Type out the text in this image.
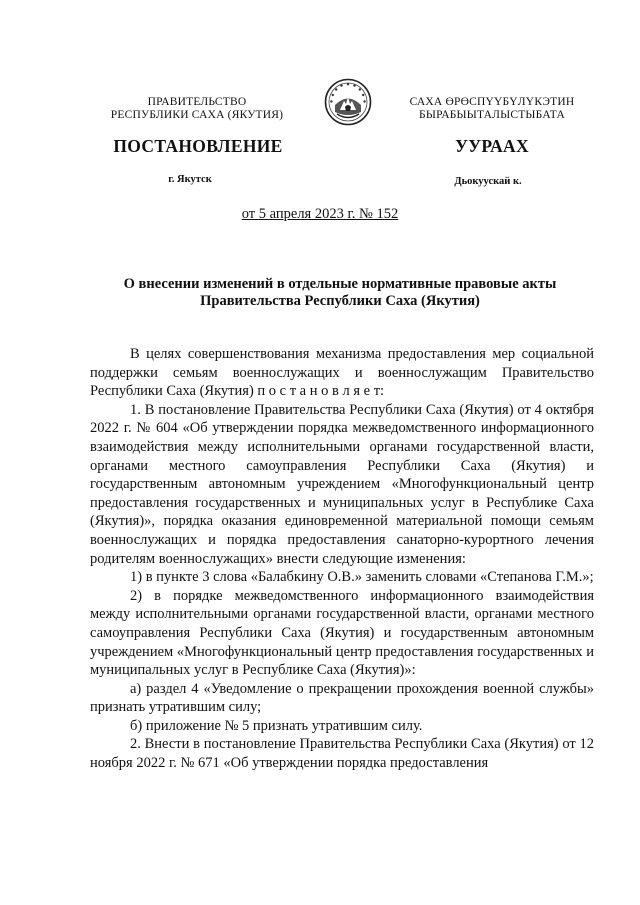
ПРАВИТЕЛЬСТВО
РЕСПУБЛИКИ САХА (ЯКУТИЯ)
САХА ӨРӨСПҮҮБҮЛҮКЭТИН
БЫРАБЫЫТАЛЫСТЫБАТА
ПОСТАНОВЛЕНИЕ	УУРААХ
г. Якутск	Дьокуускай к.
от 5 апреля 2023 г. № 152
О внесении изменений в отдельные нормативные правовые акты
Правительства Республики Саха (Якутия)

В целях совершенствования механизма предоставления мер социальной поддержки семьям военнослужащих и военнослужащим Правительство Республики Саха (Якутия) п о с т а н о в л я е т:

1. В постановление Правительства Республики Саха (Якутия) от 4 октября 2022 г. № 604 «Об утверждении порядка межведомственного информационного взаимодействия между исполнительными органами государственной власти, органами местного самоуправления Республики Саха (Якутия) и государственным автономным учреждением «Многофункциональный центр предоставления государственных и муниципальных услуг в Республике Саха (Якутия)», порядка оказания единовременной материальной помощи семьям военнослужащих и порядка предоставления санаторно-курортного лечения родителям военнослужащих» внести следующие изменения:

1) в пункте 3 слова «Балабкину О.В.» заменить словами «Степанова Г.М.»;

2) в порядке межведомственного информационного взаимодействия между исполнительными органами государственной власти, органами местного самоуправления Республики Саха (Якутия) и государственным автономным учреждением «Многофункциональный центр предоставления государственных и муниципальных услуг в Республике Саха (Якутия)»:

а) раздел 4 «Уведомление о прекращении прохождения военной службы» признать утратившим силу;

б) приложение № 5 признать утратившим силу.

2. Внести в постановление Правительства Республики Саха (Якутия) от 12 ноября 2022 г. № 671 «Об утверждении порядка предоставления
